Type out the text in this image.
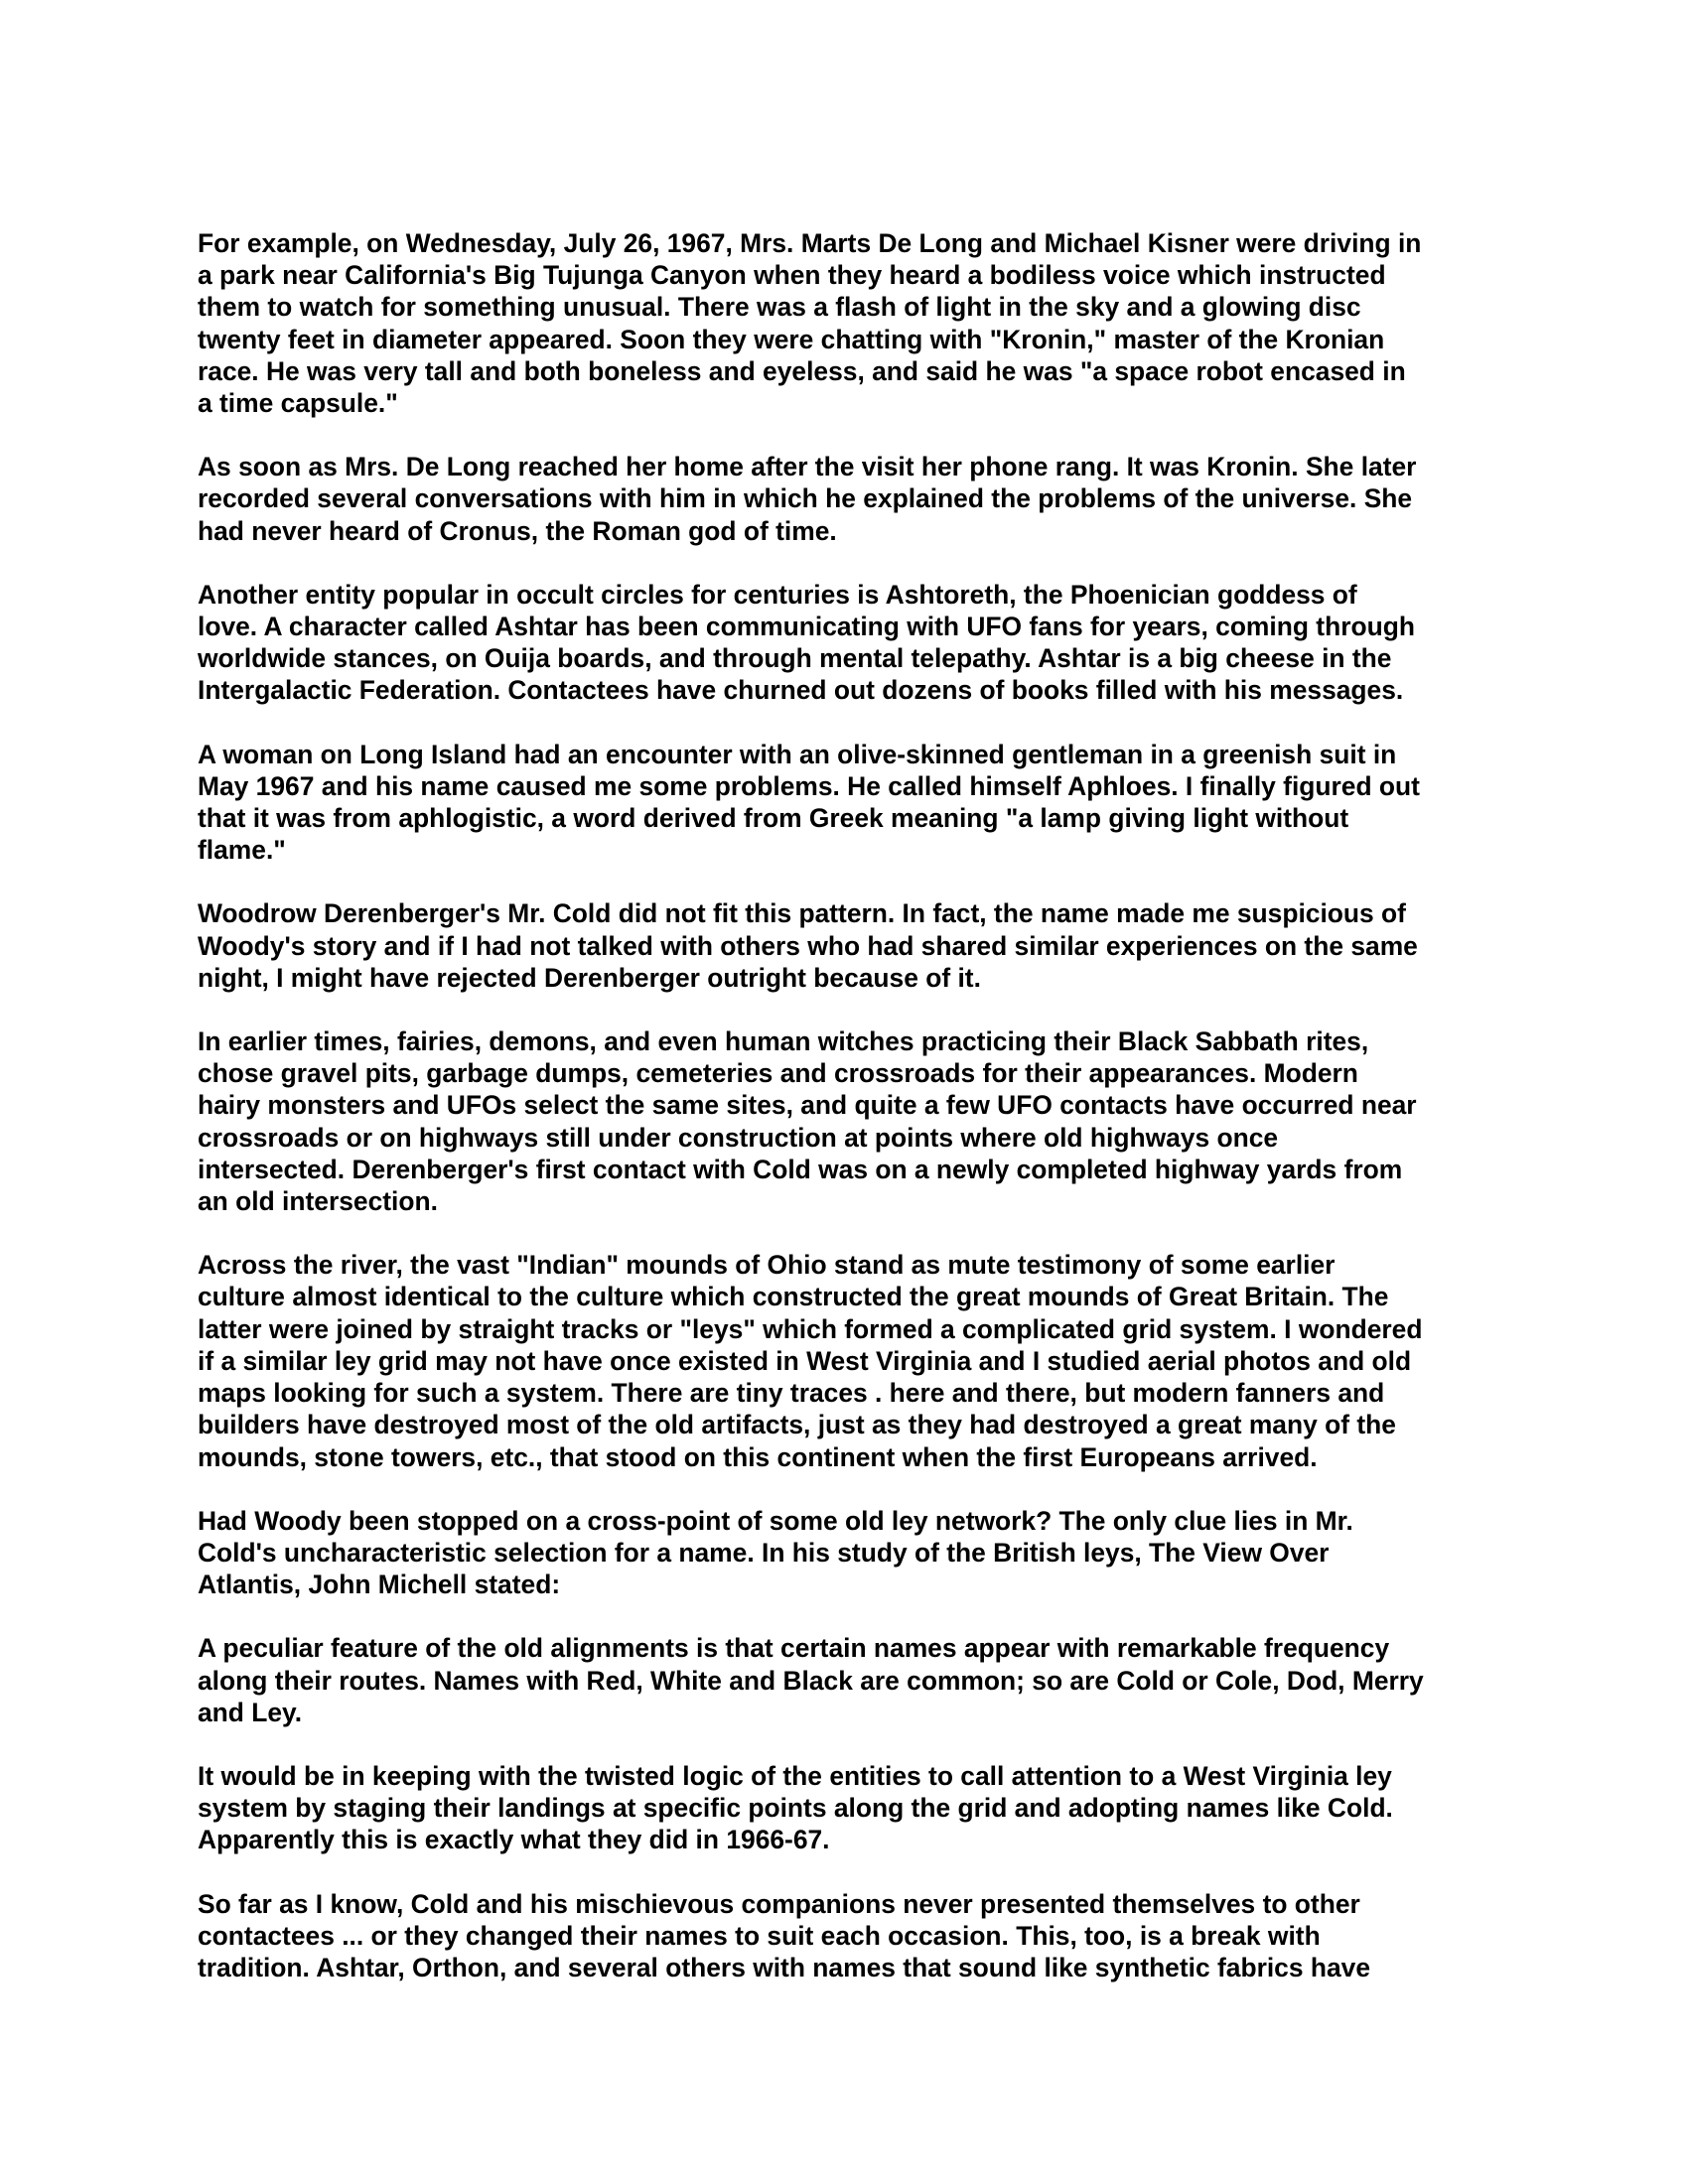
For example, on Wednesday, July 26, 1967, Mrs. Marts De Long and Michael Kisner were driving in
a park near California's Big Tujunga Canyon when they heard a bodiless voice which instructed
them to watch for something unusual. There was a flash of light in the sky and a glowing disc
twenty feet in diameter appeared. Soon they were chatting with "Kronin," master of the Kronian
race. He was very tall and both boneless and eyeless, and said he was "a space robot encased in
a time capsule."

As soon as Mrs. De Long reached her home after the visit her phone rang. It was Kronin. She later
recorded several conversations with him in which he explained the problems of the universe. She
had never heard of Cronus, the Roman god of time.

Another entity popular in occult circles for centuries is Ashtoreth, the Phoenician goddess of
love. A character called Ashtar has been communicating with UFO fans for years, coming through
worldwide stances, on Ouija boards, and through mental telepathy. Ashtar is a big cheese in the
Intergalactic Federation. Contactees have churned out dozens of books filled with his messages.

A woman on Long Island had an encounter with an olive-skinned gentleman in a greenish suit in
May 1967 and his name caused me some problems. He called himself Aphloes. I finally figured out
that it was from aphlogistic, a word derived from Greek meaning "a lamp giving light without
flame."

Woodrow Derenberger's Mr. Cold did not fit this pattern. In fact, the name made me suspicious of
Woody's story and if I had not talked with others who had shared similar experiences on the same
night, I might have rejected Derenberger outright because of it.

In earlier times, fairies, demons, and even human witches practicing their Black Sabbath rites,
chose gravel pits, garbage dumps, cemeteries and crossroads for their appearances. Modern
hairy monsters and UFOs select the same sites, and quite a few UFO contacts have occurred near
crossroads or on highways still under construction at points where old highways once
intersected. Derenberger's first contact with Cold was on a newly completed highway yards from
an old intersection.

Across the river, the vast "Indian" mounds of Ohio stand as mute testimony of some earlier
culture almost identical to the culture which constructed the great mounds of Great Britain. The
latter were joined by straight tracks or "leys" which formed a complicated grid system. I wondered
if a similar ley grid may not have once existed in West Virginia and I studied aerial photos and old
maps looking for such a system. There are tiny traces . here and there, but modern fanners and
builders have destroyed most of the old artifacts, just as they had destroyed a great many of the
mounds, stone towers, etc., that stood on this continent when the first Europeans arrived.

Had Woody been stopped on a cross-point of some old ley network? The only clue lies in Mr.
Cold's uncharacteristic selection for a name. In his study of the British leys, The View Over
Atlantis, John Michell stated:

A peculiar feature of the old alignments is that certain names appear with remarkable frequency
along their routes. Names with Red, White and Black are common; so are Cold or Cole, Dod, Merry
and Ley.

It would be in keeping with the twisted logic of the entities to call attention to a West Virginia ley
system by staging their landings at specific points along the grid and adopting names like Cold.
Apparently this is exactly what they did in 1966-67.

So far as I know, Cold and his mischievous companions never presented themselves to other
contactees ... or they changed their names to suit each occasion. This, too, is a break with
tradition. Ashtar, Orthon, and several others with names that sound like synthetic fabrics have
